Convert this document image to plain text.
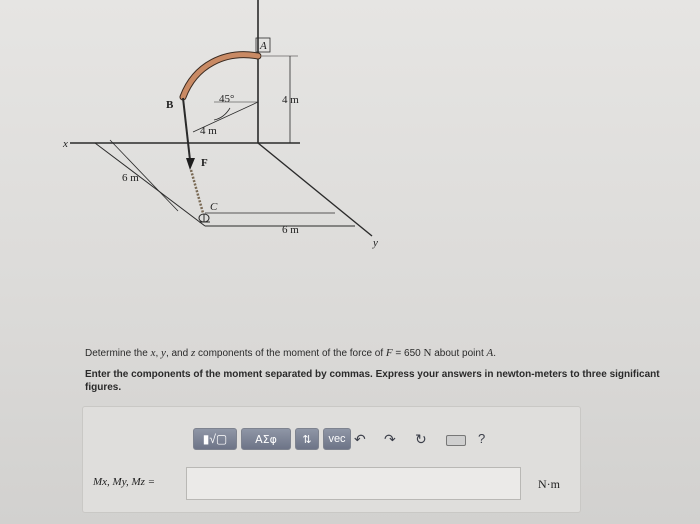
A
B
C
F
x
y
45°	4 m
4 m
6 m
6 m

Determine the x, y, and z components of the moment of the force of F = 650 N about point A.

Enter the components of the moment separated by commas. Express your answers in newton-meters to three significant figures.

▮√▢	ΑΣφ	⇅	vec ↶ ↷ ↻	?
Mx, My, Mz =	N·m
